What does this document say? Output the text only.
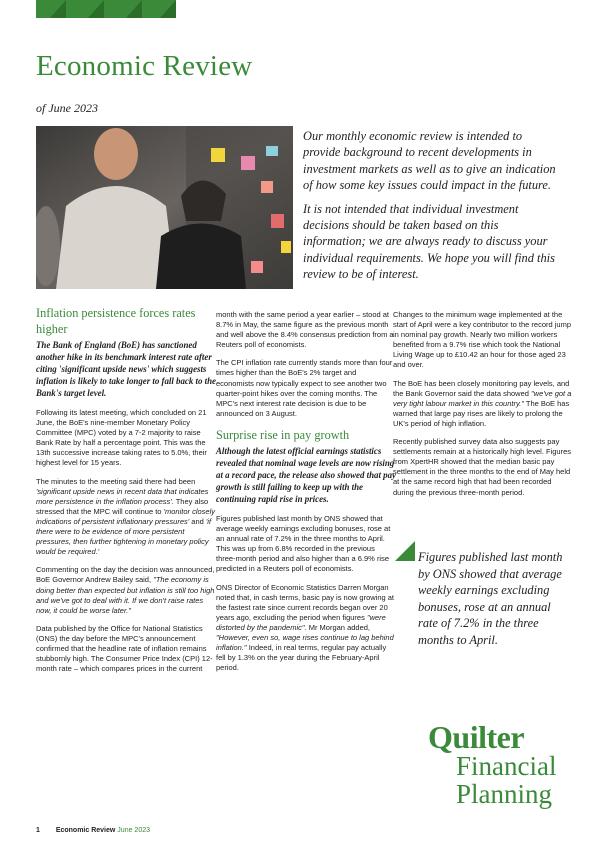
Economic Review
of June 2023

Our monthly economic review is intended to provide background to recent developments in investment markets as well as to give an indication of how some key issues could impact in the future.

It is not intended that individual investment decisions should be taken based on this information; we are always ready to discuss your individual requirements. We hope you will find this review to be of interest.

Inflation persistence forces rates higher

The Bank of England (BoE) has sanctioned another hike in its benchmark interest rate after citing 'significant upside news' which suggests inflation is likely to take longer to fall back to the Bank's target level.

Following its latest meeting, which concluded on 21 June, the BoE's nine-member Monetary Policy Committee (MPC) voted by a 7-2 majority to raise Bank Rate by half a percentage point. This was the 13th successive increase taking rates to 5.0%, their highest level for 15 years.

The minutes to the meeting said there had been 'significant upside news in recent data that indicates more persistence in the inflation process'. They also stressed that the MPC will continue to 'monitor closely indications of persistent inflationary pressures' and 'if there were to be evidence of more persistent pressures, then further tightening in monetary policy would be required.'

Commenting on the day the decision was announced, BoE Governor Andrew Bailey said, "The economy is doing better than expected but inflation is still too high and we've got to deal with it. If we don't raise rates now, it could be worse later."

Data published by the Office for National Statistics (ONS) the day before the MPC's announcement confirmed that the headline rate of inflation remains stubbornly high. The Consumer Price Index (CPI) 12-month rate – which compares prices in the current

month with the same period a year earlier – stood at 8.7% in May, the same figure as the previous month and well above the 8.4% consensus prediction from a Reuters poll of economists.

The CPI inflation rate currently stands more than four times higher than the BoE's 2% target and economists now typically expect to see another two quarter-point hikes over the coming months. The MPC's next interest rate decision is due to be announced on 3 August.

Surprise rise in pay growth

Although the latest official earnings statistics revealed that nominal wage levels are now rising at a record pace, the release also showed that pay growth is still failing to keep up with the continuing rapid rise in prices.

Figures published last month by ONS showed that average weekly earnings excluding bonuses, rose at an annual rate of 7.2% in the three months to April. This was up from 6.8% recorded in the previous three-month period and also higher than a 6.9% rise predicted in a Reuters poll of economists.

ONS Director of Economic Statistics Darren Morgan noted that, in cash terms, basic pay is now growing at the fastest rate since current records began over 20 years ago, excluding the period when figures "were distorted by the pandemic". Mr Morgan added, "However, even so, wage rises continue to lag behind inflation." Indeed, in real terms, regular pay actually fell by 1.3% on the year during the February-April period.

Changes to the minimum wage implemented at the start of April were a key contributor to the record jump in nominal pay growth. Nearly two million workers benefited from a 9.7% rise which took the National Living Wage up to £10.42 an hour for those aged 23 and over.

The BoE has been closely monitoring pay levels, and the Bank Governor said the data showed "we've got a very tight labour market in this country." The BoE has warned that large pay rises are likely to prolong the UK's period of high inflation.

Recently published survey data also suggests pay settlements remain at a historically high level. Figures from XpertHR showed that the median basic pay settlement in the three months to the end of May held at the same record high that had been recorded during the previous three-month period.

Figures published last month by ONS showed that average weekly earnings excluding bonuses, rose at an annual rate of 7.2% in the three months to April.
Quilter
Financial
Planning
1 Economic Review June 2023
